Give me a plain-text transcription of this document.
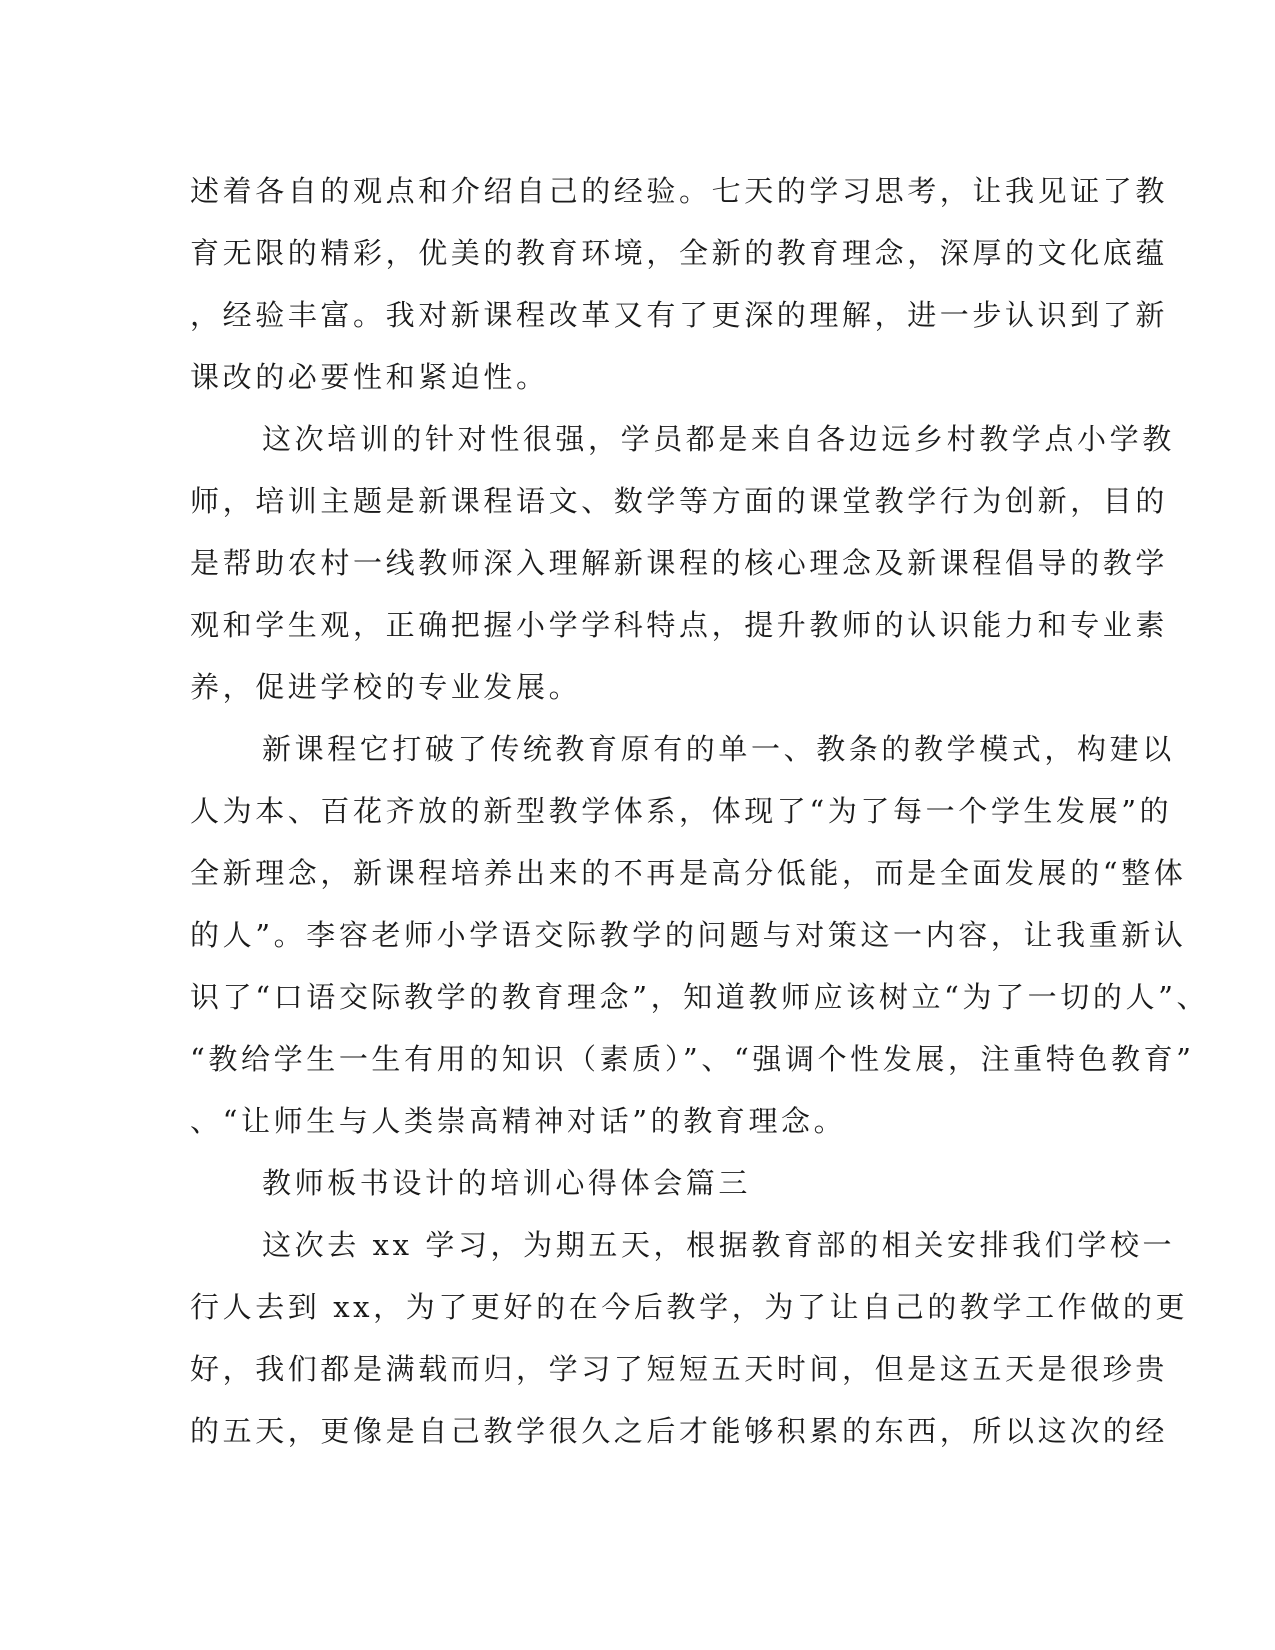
述着各自的观点和介绍自己的经验。七天的学习思考，让我见证了教
育无限的精彩，优美的教育环境，全新的教育理念，深厚的文化底蕴
，经验丰富。我对新课程改革又有了更深的理解，进一步认识到了新
课改的必要性和紧迫性。
这次培训的针对性很强，学员都是来自各边远乡村教学点小学教
师，培训主题是新课程语文、数学等方面的课堂教学行为创新，目的
是帮助农村一线教师深入理解新课程的核心理念及新课程倡导的教学
观和学生观，正确把握小学学科特点，提升教师的认识能力和专业素
养，促进学校的专业发展。
新课程它打破了传统教育原有的单一、教条的教学模式，构建以
人为本、百花齐放的新型教学体系，体现了“为了每一个学生发展”的
全新理念，新课程培养出来的不再是高分低能，而是全面发展的“整体
的人”。李容老师小学语交际教学的问题与对策这一内容，让我重新认
识了“口语交际教学的教育理念”，知道教师应该树立“为了一切的人”、
“教给学生一生有用的知识（素质）”、“强调个性发展，注重特色教育”
、“让师生与人类崇高精神对话”的教育理念。
教师板书设计的培训心得体会篇三
这次去 xx 学习，为期五天，根据教育部的相关安排我们学校一
行人去到 xx，为了更好的在今后教学，为了让自己的教学工作做的更
好，我们都是满载而归，学习了短短五天时间，但是这五天是很珍贵
的五天，更像是自己教学很久之后才能够积累的东西，所以这次的经
